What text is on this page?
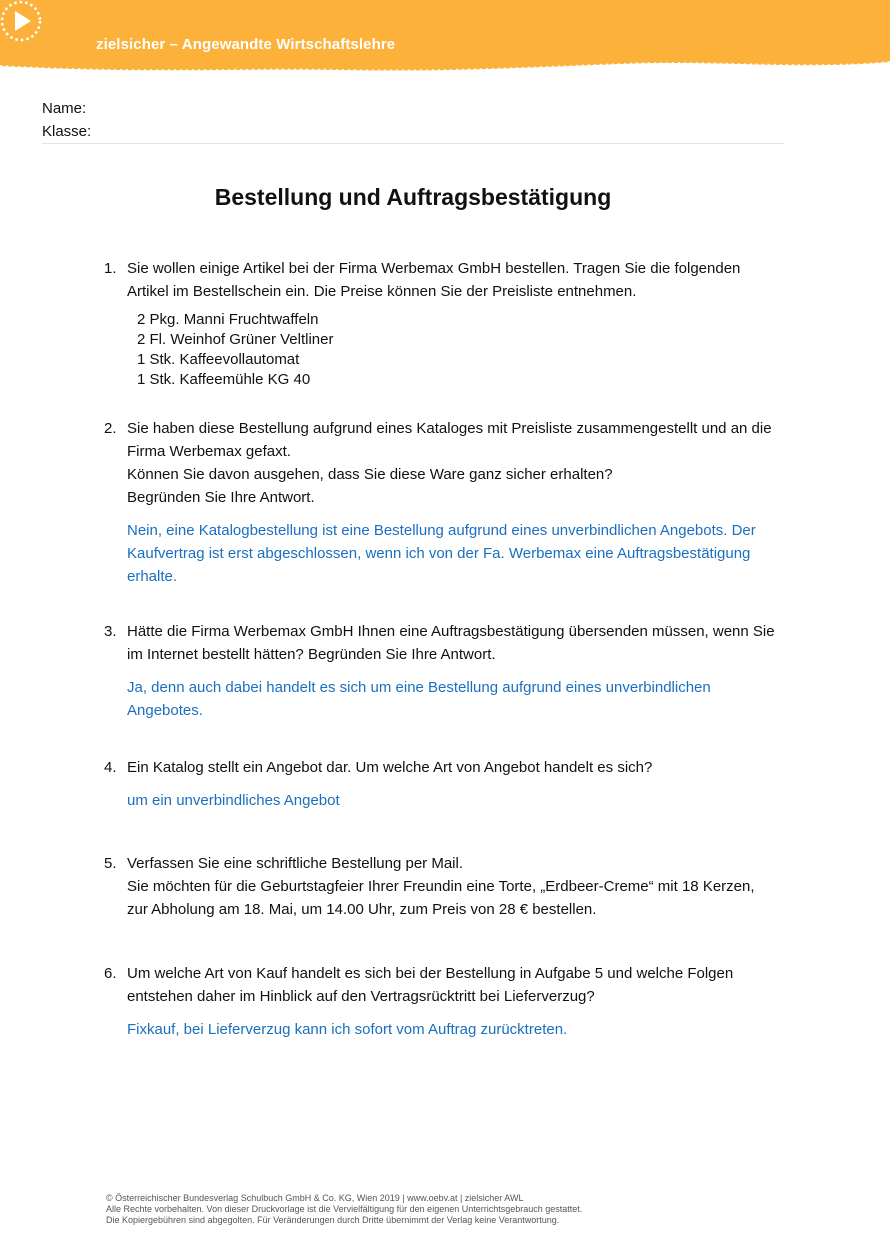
zielsicher – Angewandte Wirtschaftslehre
Name:
Klasse:
Bestellung und Auftragsbestätigung
1. Sie wollen einige Artikel bei der Firma Werbemax GmbH bestellen. Tragen Sie die folgenden
Artikel im Bestellschein ein. Die Preise können Sie der Preisliste entnehmen.
2 Pkg. Manni Fruchtwaffeln
2 Fl. Weinhof Grüner Veltliner
1 Stk. Kaffeevollautomat
1 Stk. Kaffeemühle KG 40
2. Sie haben diese Bestellung aufgrund eines Kataloges mit Preisliste zusammengestellt und an die
Firma Werbemax gefaxt.
Können Sie davon ausgehen, dass Sie diese Ware ganz sicher erhalten?
Begründen Sie Ihre Antwort.
Nein, eine Katalogbestellung ist eine Bestellung aufgrund eines unverbindlichen Angebots. Der
Kaufvertrag ist erst abgeschlossen, wenn ich von der Fa. Werbemax eine Auftragsbestätigung
erhalte.
3. Hätte die Firma Werbemax GmbH Ihnen eine Auftragsbestätigung übersenden müssen, wenn Sie
im Internet bestellt hätten? Begründen Sie Ihre Antwort.
Ja, denn auch dabei handelt es sich um eine Bestellung aufgrund eines unverbindlichen
Angebotes.
4. Ein Katalog stellt ein Angebot dar. Um welche Art von Angebot handelt es sich?
um ein unverbindliches Angebot
5. Verfassen Sie eine schriftliche Bestellung per Mail.
Sie möchten für die Geburtstagfeier Ihrer Freundin eine Torte, „Erdbeer-Creme“ mit 18 Kerzen,
zur Abholung am 18. Mai, um 14.00 Uhr, zum Preis von 28 € bestellen.
6. Um welche Art von Kauf handelt es sich bei der Bestellung in Aufgabe 5 und welche Folgen
entstehen daher im Hinblick auf den Vertragsrücktritt bei Lieferverzug?
Fixkauf, bei Lieferverzug kann ich sofort vom Auftrag zurücktreten.
© Österreichischer Bundesverlag Schulbuch GmbH & Co. KG, Wien 2019 | www.oebv.at | zielsicher AWL
Alle Rechte vorbehalten. Von dieser Druckvorlage ist die Vervielfältigung für den eigenen Unterrichtsgebrauch gestattet.
Die Kopiergebühren sind abgegolten. Für Veränderungen durch Dritte übernimmt der Verlag keine Verantwortung.
